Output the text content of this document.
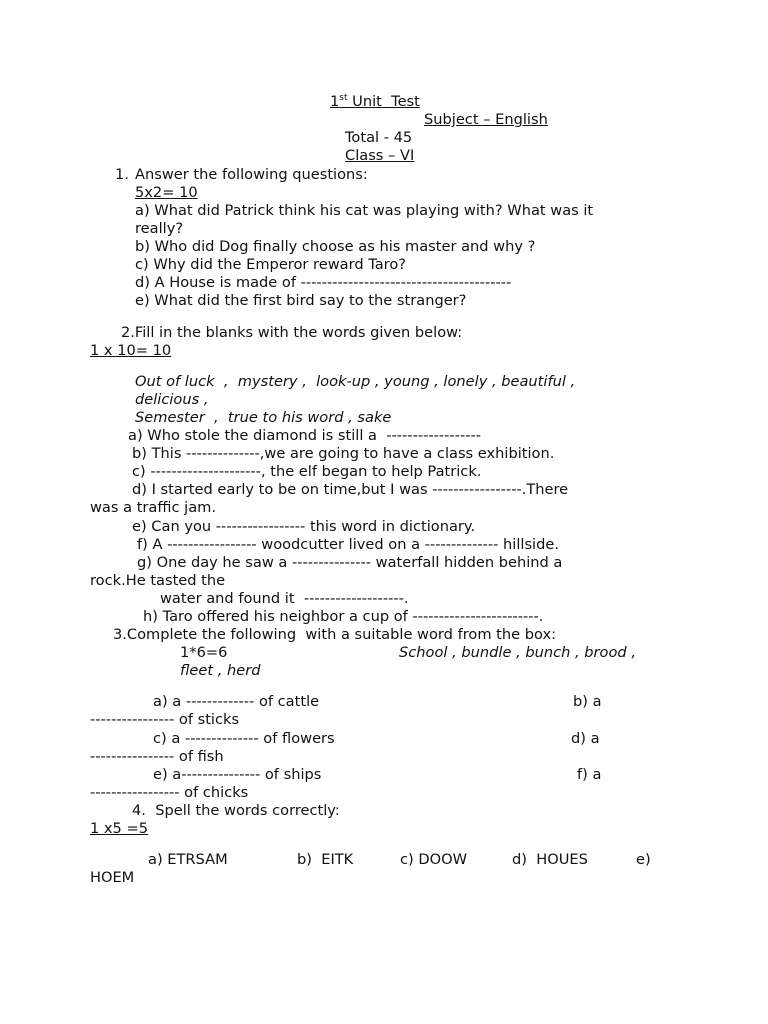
1st Unit  Test
Subject – English
Total - 45
Class – VI
1. Answer the following questions:
5x2= 10
a) What did Patrick think his cat was playing with? What was it
really?
b) Who did Dog finally choose as his master and why ?
c) Why did the Emperor reward Taro?
d) A House is made of ----------------------------------------
e) What did the first bird say to the stranger?
2.Fill in the blanks with the words given below:
1 x 10= 10
Out of luck  ,  mystery ,  look-up , young , lonely , beautiful ,
delicious ,
Semester  ,  true to his word , sake
a) Who stole the diamond is still a  ------------------
b) This --------------,we are going to have a class exhibition.
c) ---------------------, the elf began to help Patrick.
d) I started early to be on time,but I was -----------------.There
was a traffic jam.
e) Can you ----------------- this word in dictionary.
f) A ----------------- woodcutter lived on a -------------- hillside.
g) One day he saw a --------------- waterfall hidden behind a
rock.He tasted the
water and found it  -------------------.
h) Taro offered his neighbor a cup of ------------------------.
3.Complete the following  with a suitable word from the box:
1*6=6	School , bundle , bunch , brood ,
fleet , herd
a) a ------------- of cattle	b) a
---------------- of sticks
c) a -------------- of flowers	d) a
---------------- of fish
e) a--------------- of ships	f) a
----------------- of chicks
4.  Spell the words correctly:
1 x5 =5
a) ETRSAM	b)  EITK	c) DOOW	d)  HOUES	e)
HOEM
